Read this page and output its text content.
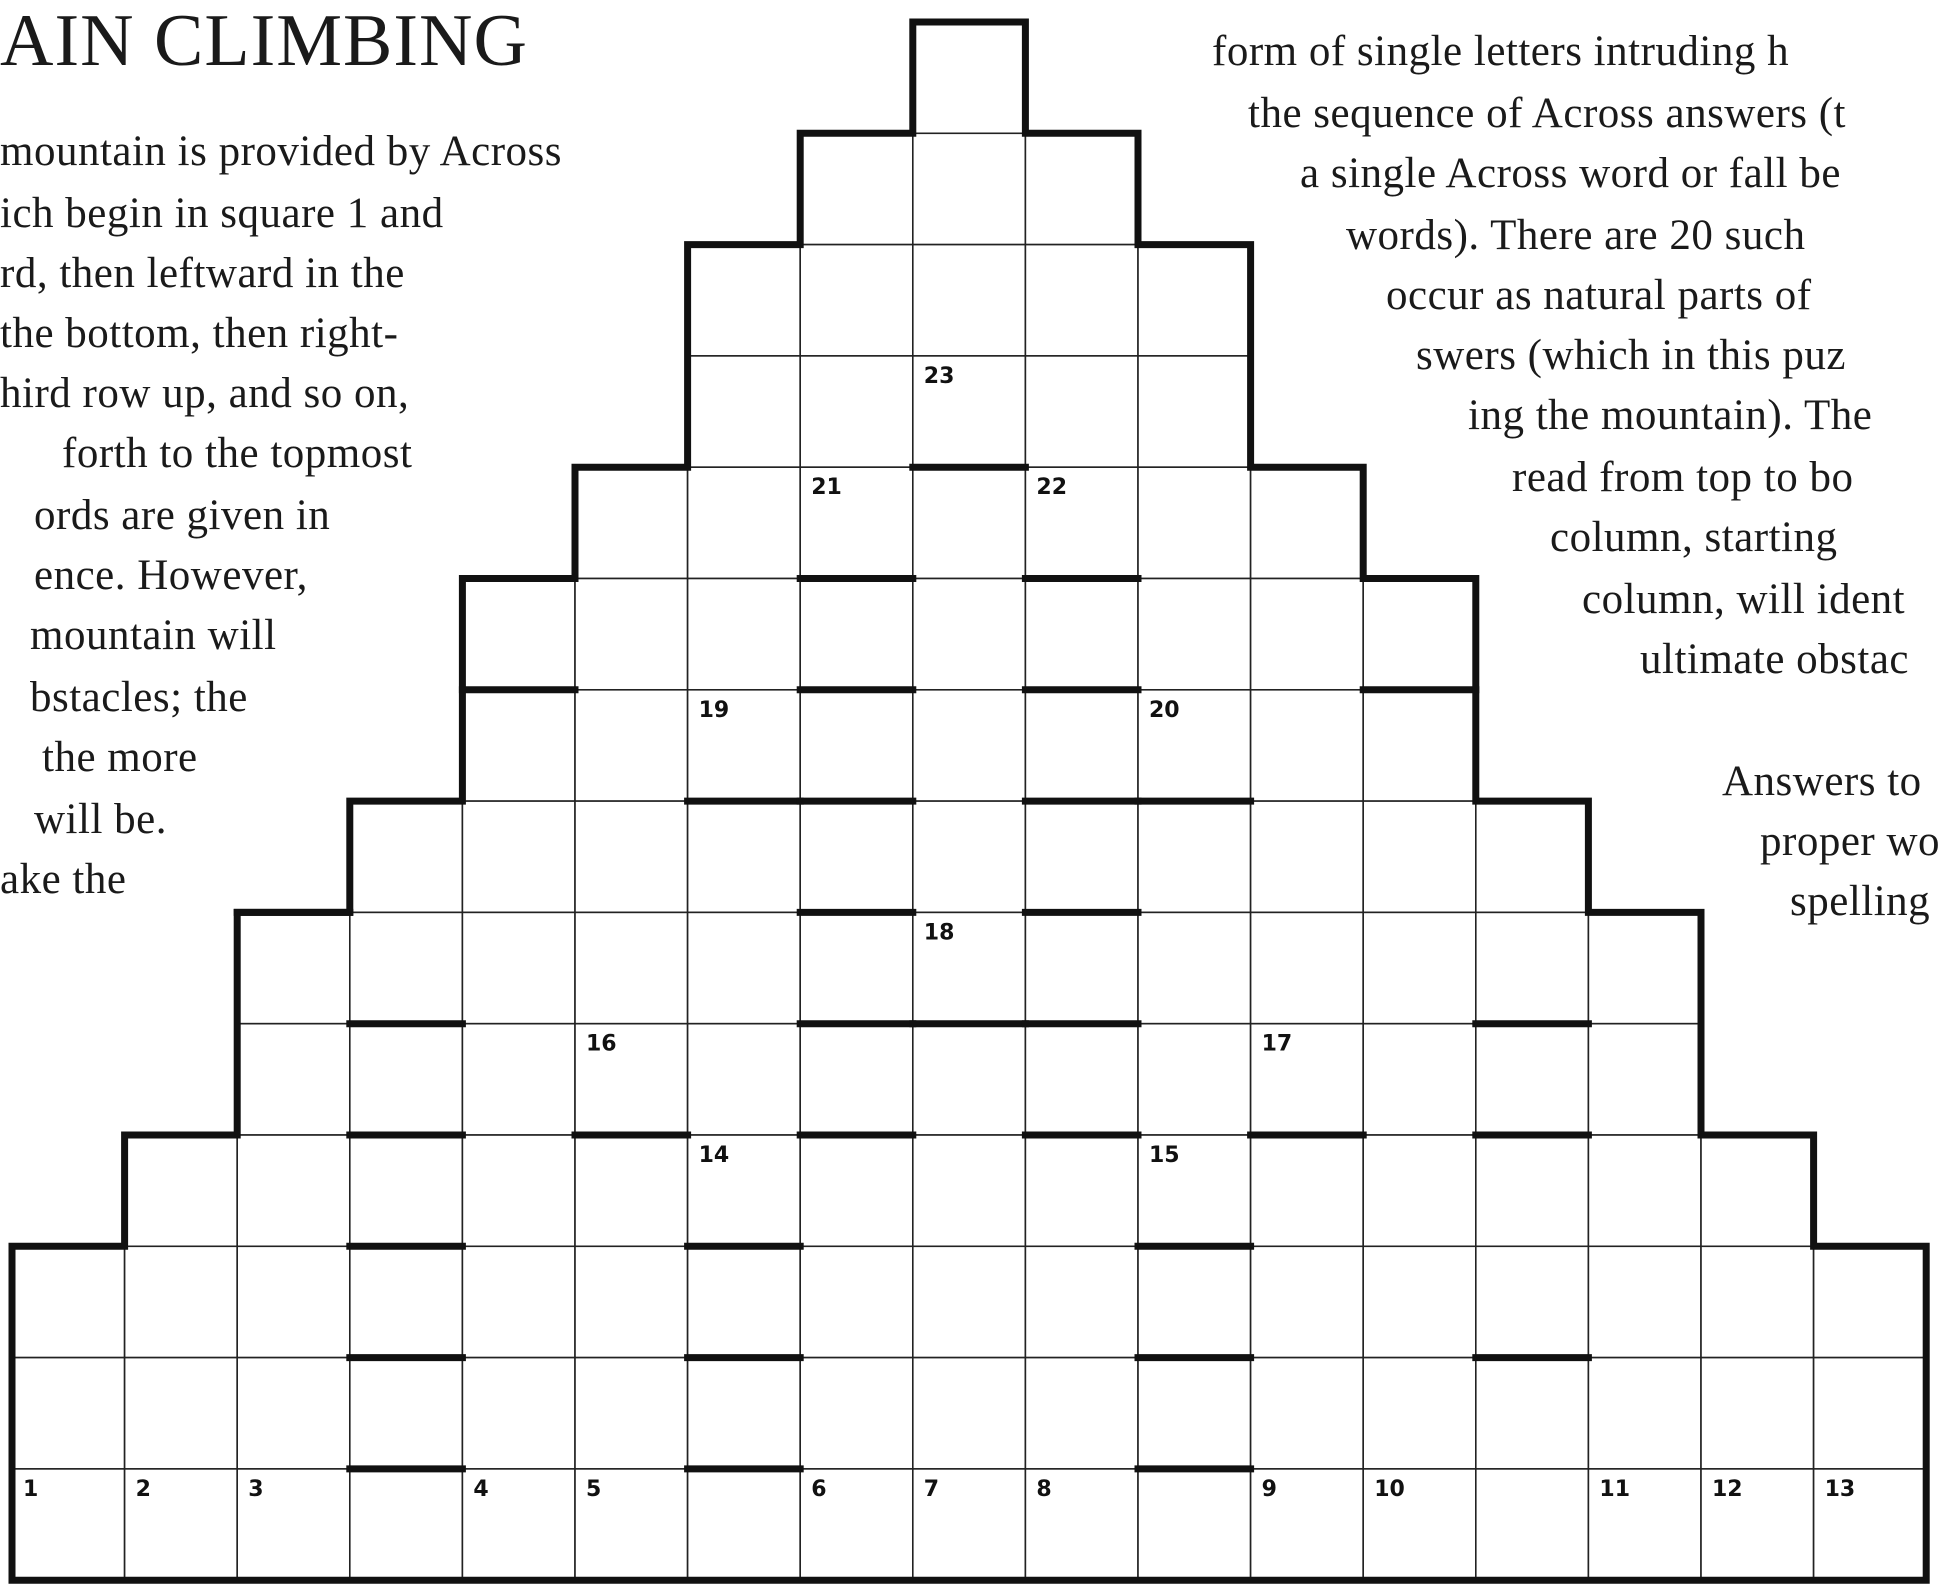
AIN CLIMBING
mountain is provided by Across
ich begin in square 1 and
rd, then leftward in the
the bottom, then right-
hird row up, and so on,
forth to the topmost
ords are given in
ence. However,
mountain will
bstacles; the
the more
will be.
ake the
form of single letters intruding h
the sequence of Across answers (t
a single Across word or fall be
words). There are 20 such
occur as natural parts of
swers (which in this puz
ing the mountain). The
read from top to bo
column, starting
column, will ident
ultimate obstac
Answers to
proper wo
spelling
23
21	22
19	20
18
16	17
14	15
1	2	3	4	5	6	7	8	9	10	11	12	13
